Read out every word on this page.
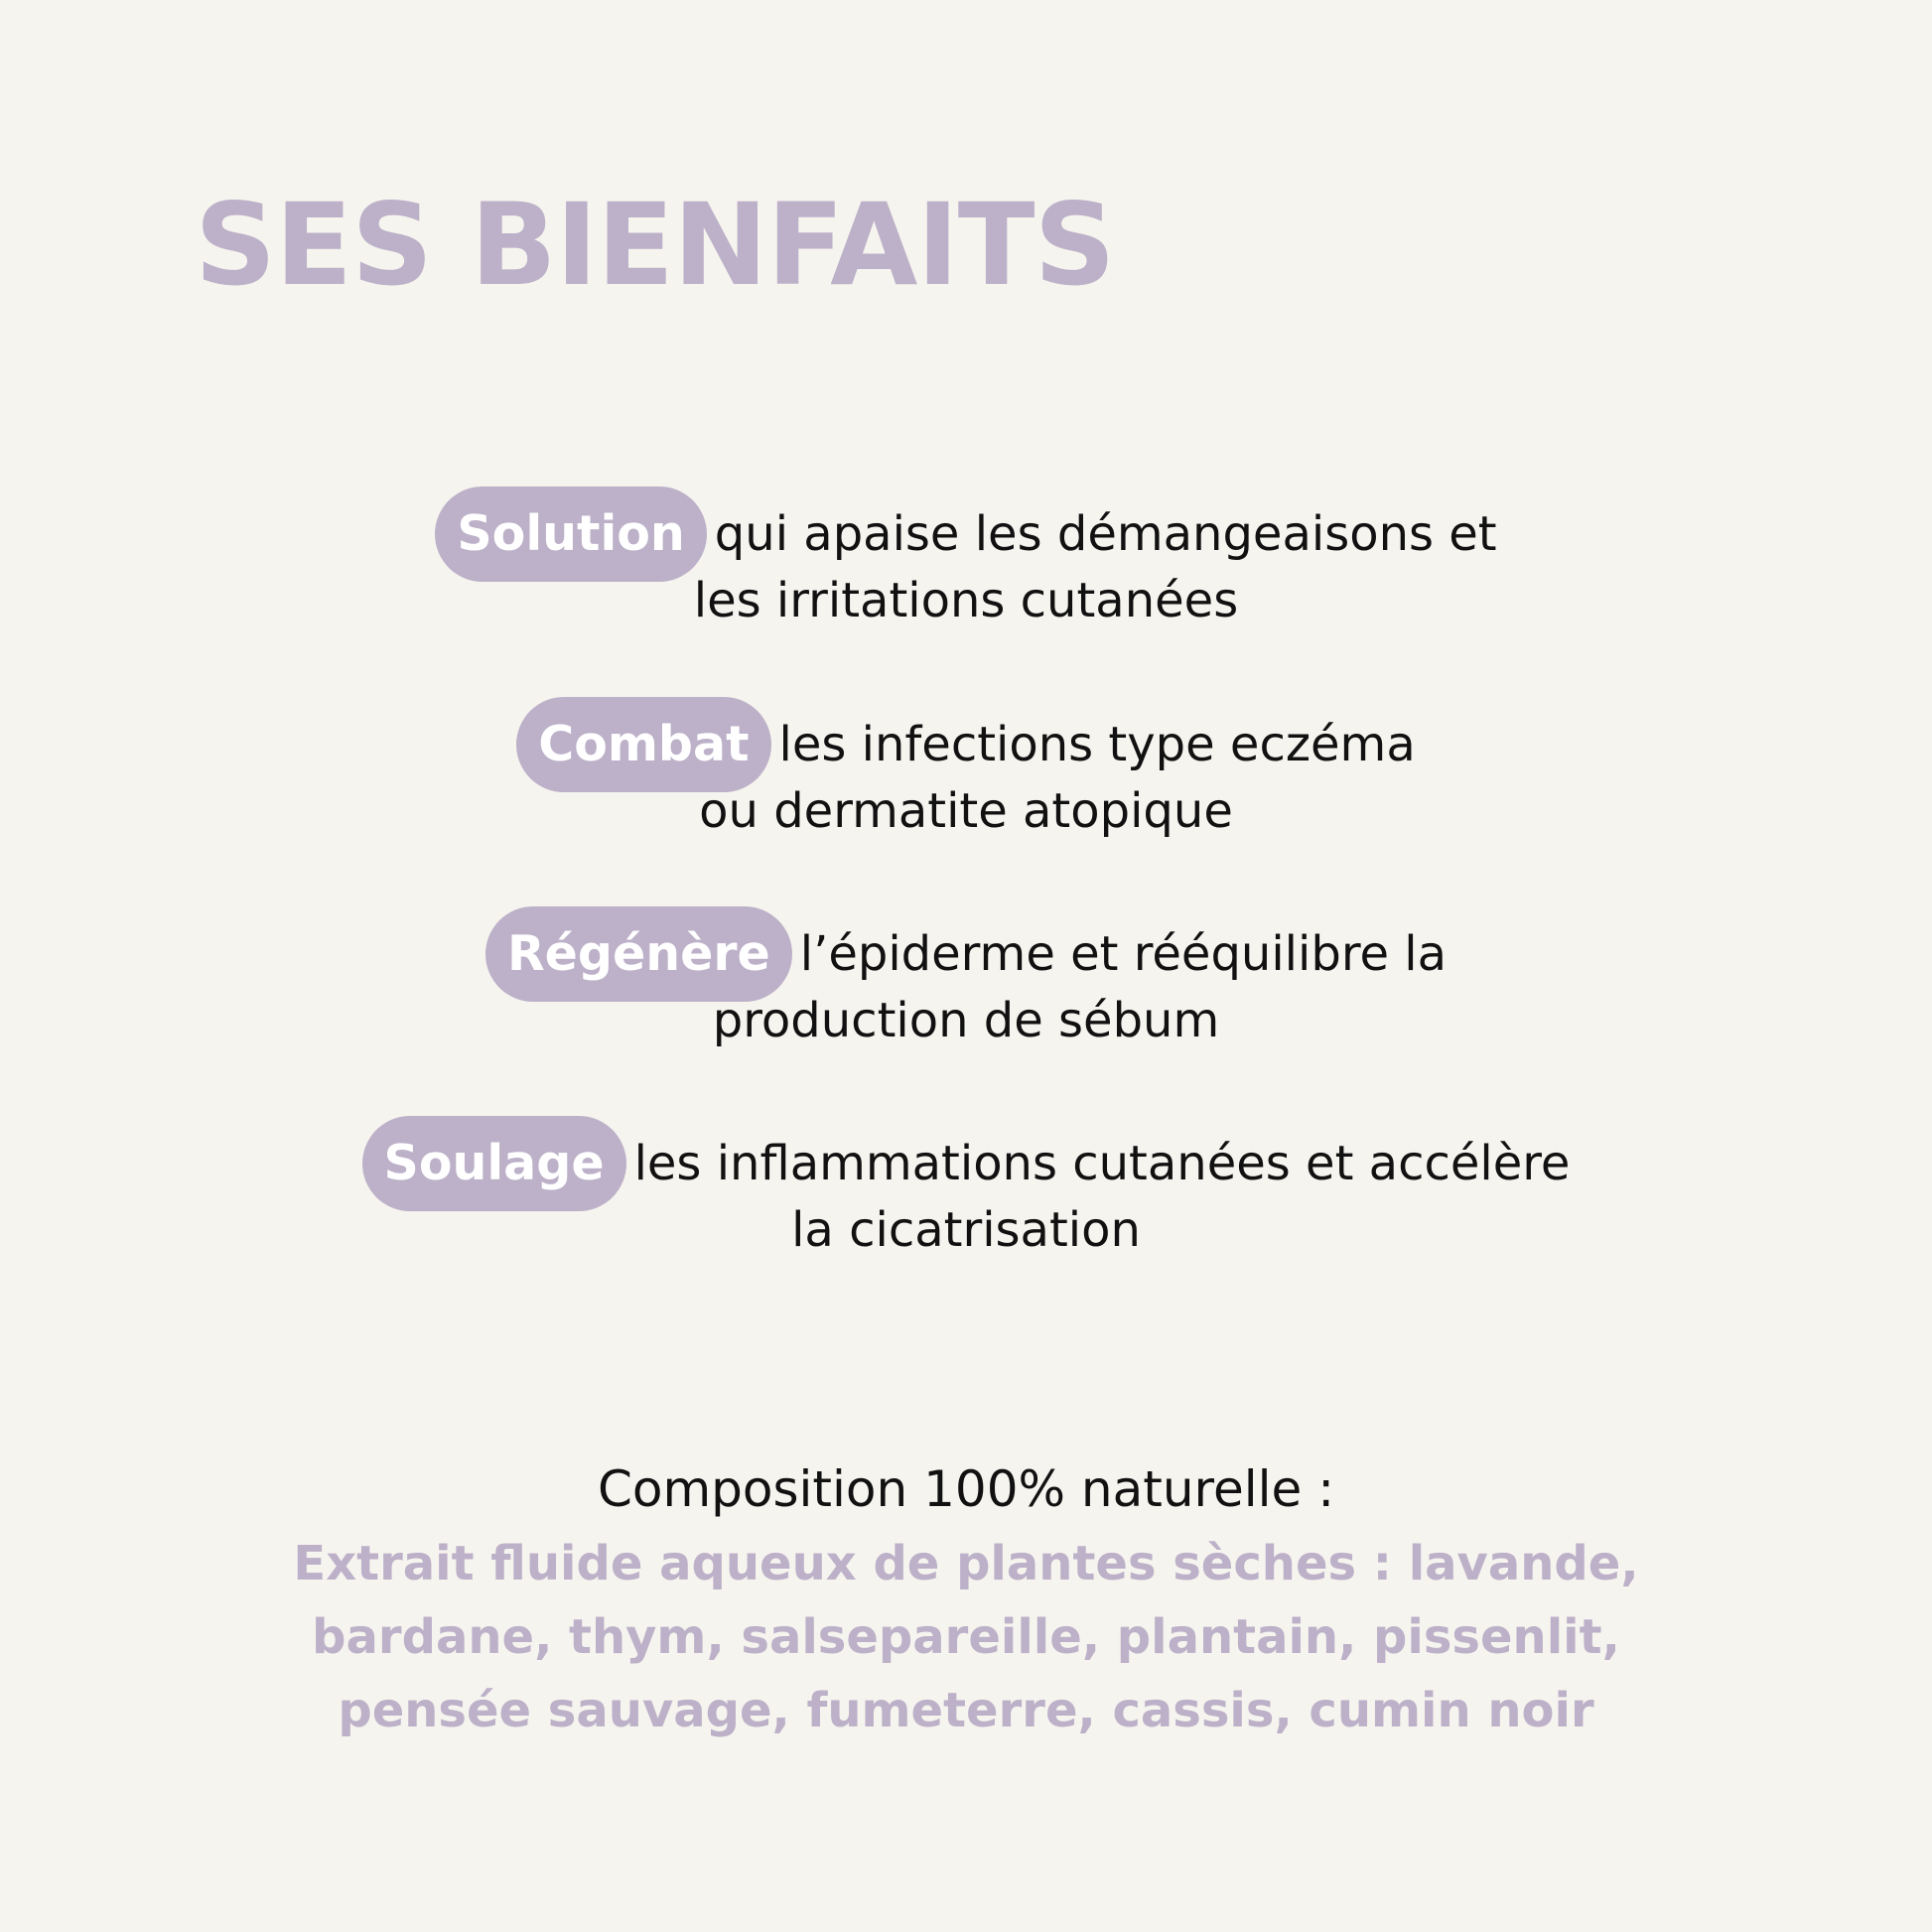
SES BIENFAITS
Solution qui apaise les démangeaisons et
les irritations cutanées
Combat les infections type eczéma
ou dermatite atopique
Régénère l’épiderme et rééquilibre la
production de sébum
Soulage les inflammations cutanées et accélère
la cicatrisation
Composition 100% naturelle :
Extrait fluide aqueux de plantes sèches : lavande,
bardane, thym, salsepareille, plantain, pissenlit,
pensée sauvage, fumeterre, cassis, cumin noir
